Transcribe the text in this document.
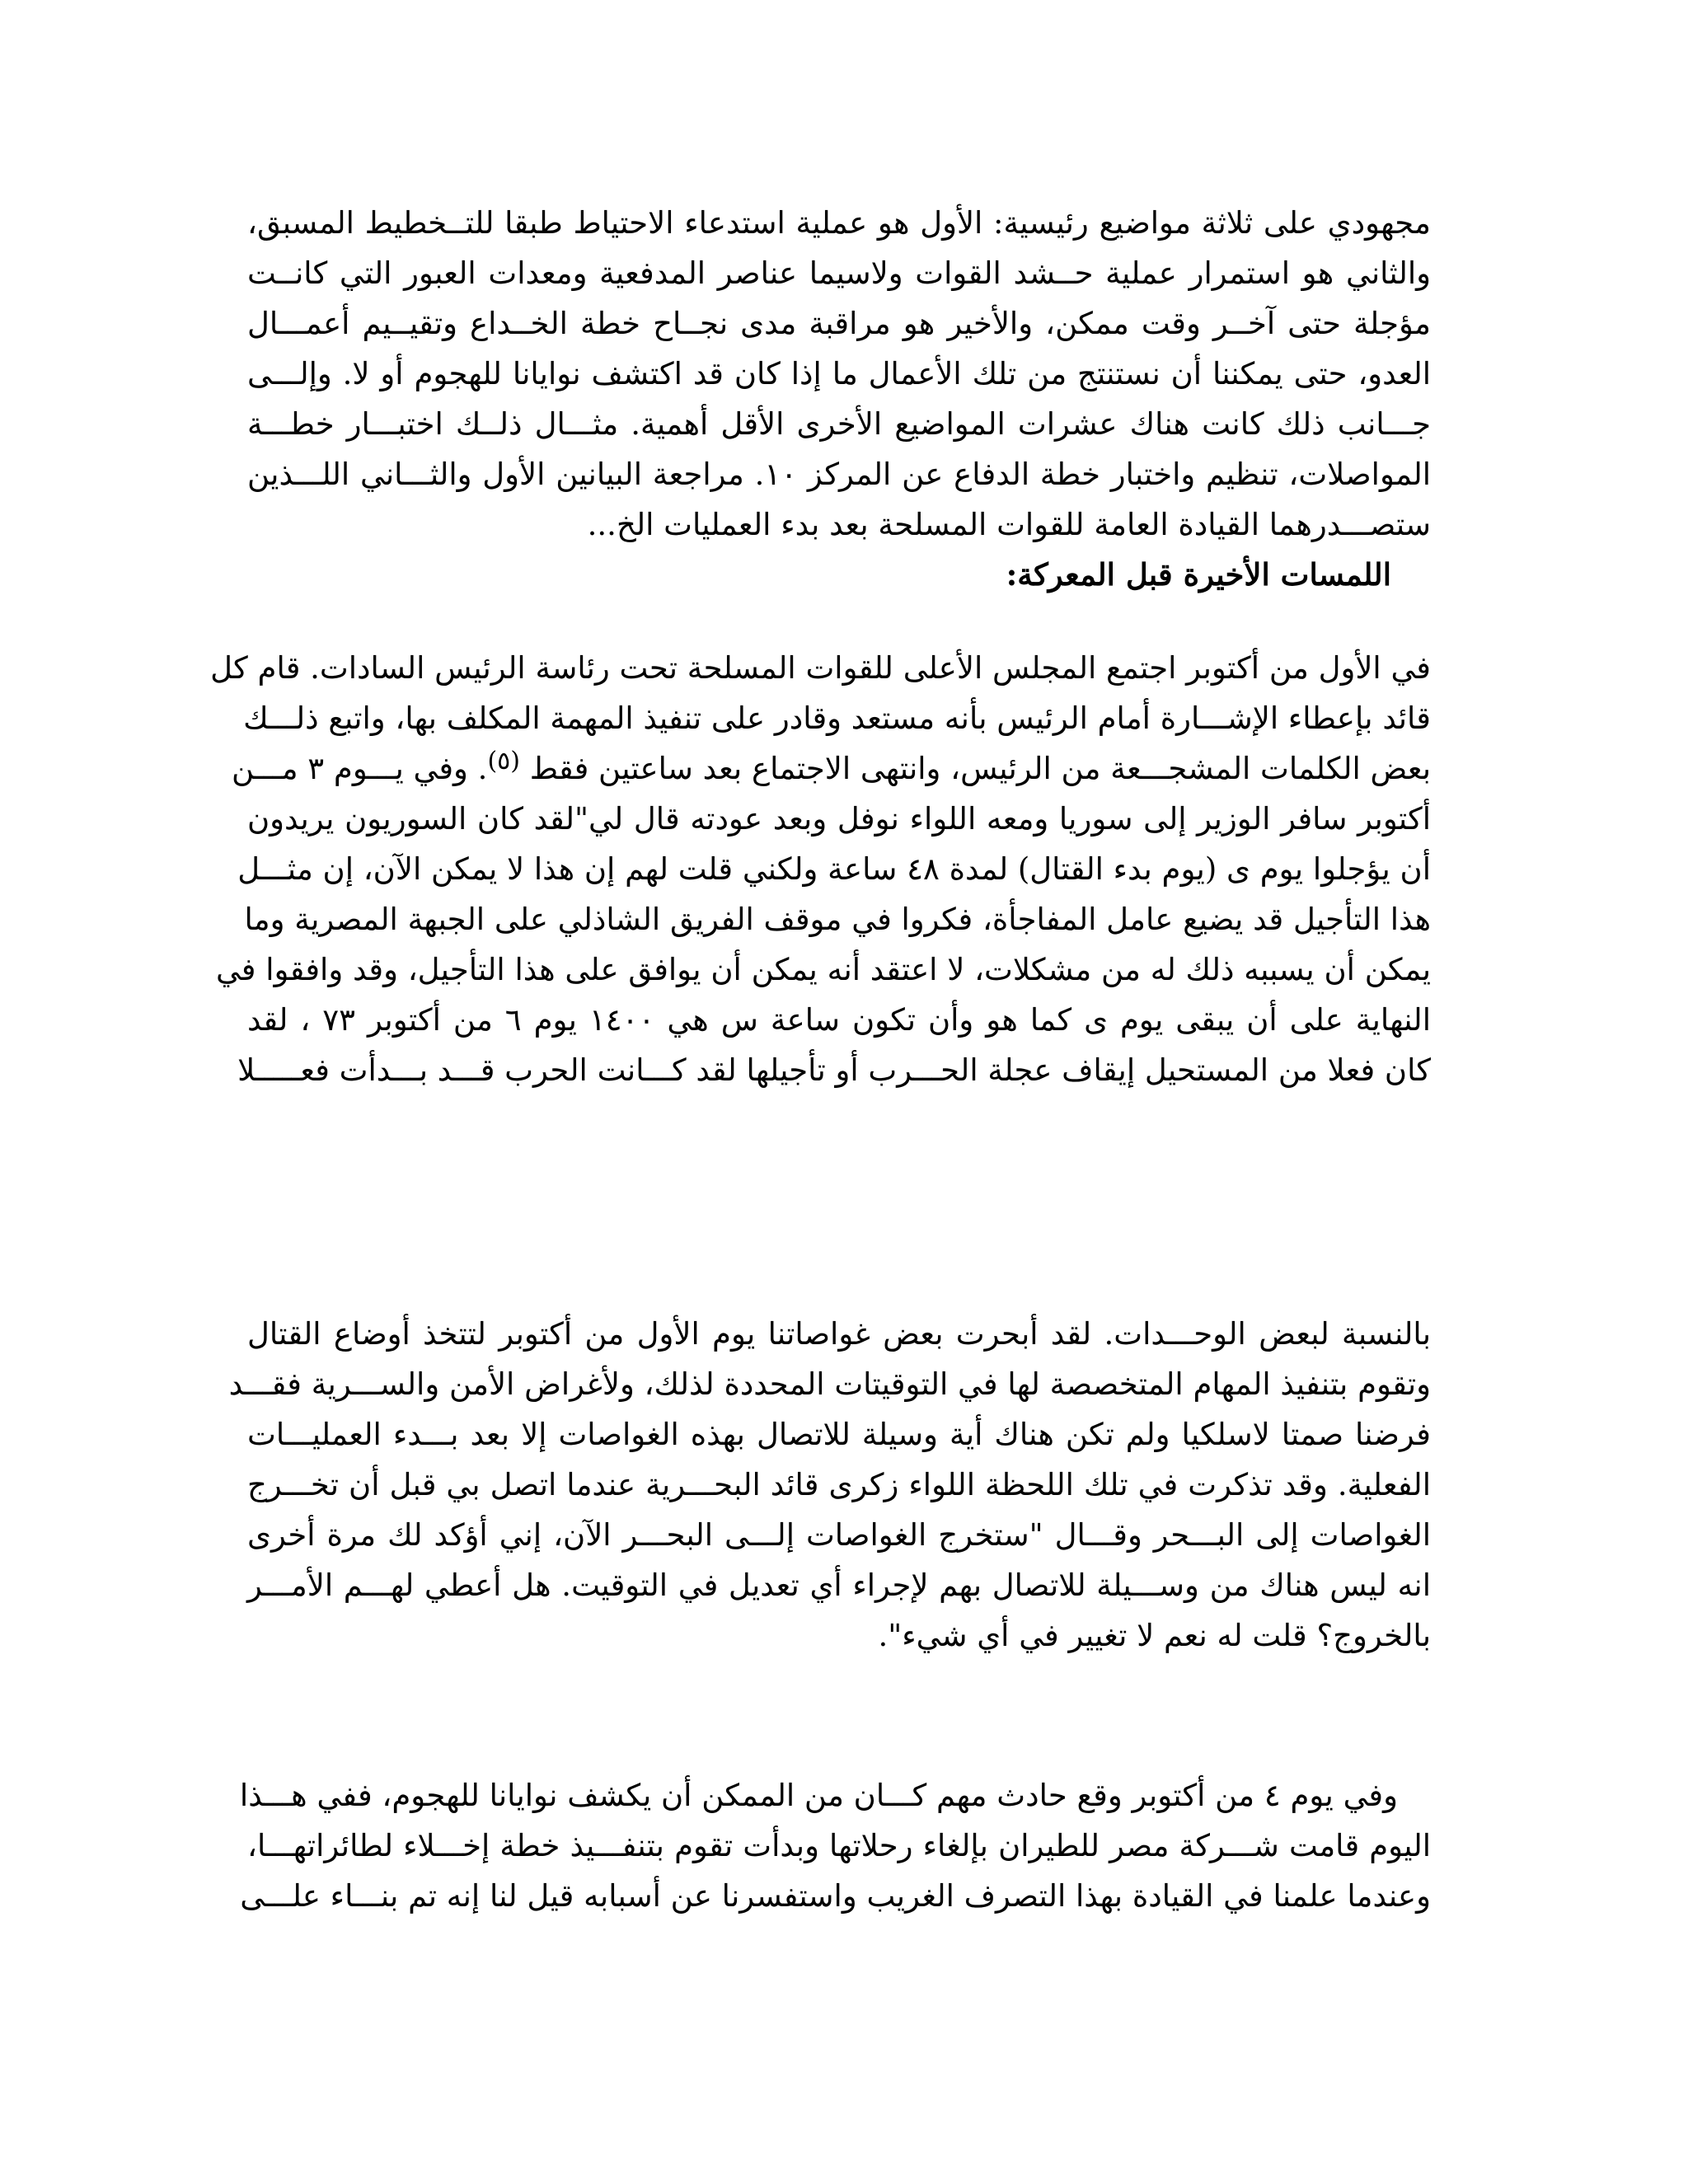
مجهودي على ثلاثة مواضيع رئيسية: الأول هو عملية استدعاء الاحتياط طبقا للتــخطيط المسبق،
والثاني هو استمرار عملية حــشد القوات ولاسيما عناصر المدفعية ومعدات العبور التي كانــت
مؤجلة حتى آخــر وقت ممكن، والأخير هو مراقبة مدى نجــاح خطة الخــداع وتقيــيم أعمـــال
العدو، حتى يمكننا أن نستنتج من تلك الأعمال ما إذا كان قد اكتشف نوايانا للهجوم أو لا. وإلـــى
جـــانب ذلك كانت هناك عشرات المواضيع الأخرى الأقل أهمية. مثـــال ذلــك اختبـــار خطـــة
المواصلات، تنظيم واختبار خطة الدفاع عن المركز ١٠. مراجعة البيانين الأول والثـــاني اللـــذين
ستصـــدرهما القيادة العامة للقوات المسلحة بعد بدء العمليات الخ...
اللمسات الأخيرة قبل المعركة:
في الأول من أكتوبر اجتمع المجلس الأعلى للقوات المسلحة تحت رئاسة الرئيس السادات. قام كل
قائد بإعطاء الإشـــارة أمام الرئيس بأنه مستعد وقادر على تنفيذ المهمة المكلف بها، واتبع ذلـــك
بعض الكلمات المشجـــعة من الرئيس، وانتهى الاجتماع بعد ساعتين فقط (٥). وفي يـــوم ٣ مـــن
أكتوبر سافر الوزير إلى سوريا ومعه اللواء نوفل وبعد عودته قال لي"لقد كان السوريون يريدون
أن يؤجلوا يوم ى (يوم بدء القتال) لمدة ٤٨ ساعة ولكني قلت لهم إن هذا لا يمكن الآن، إن مثـــل
هذا التأجيل قد يضيع عامل المفاجأة، فكروا في موقف الفريق الشاذلي على الجبهة المصرية وما
يمكن أن يسببه ذلك له من مشكلات، لا اعتقد أنه يمكن أن يوافق على هذا التأجيل، وقد وافقوا في
النهاية على أن يبقى يوم ى كما هو وأن تكون ساعة س هي ١٤٠٠ يوم ٦ من أكتوبر ٧٣ ، لقد
كان فعلا من المستحيل إيقاف عجلة الحـــرب أو تأجيلها لقد كـــانت الحرب قـــد بـــدأت فعـــــلا
بالنسبة لبعض الوحـــدات. لقد أبحرت بعض غواصاتنا يوم الأول من أكتوبر لتتخذ أوضاع القتال
وتقوم بتنفيذ المهام المتخصصة لها في التوقيتات المحددة لذلك، ولأغراض الأمن والســـرية فقـــد
فرضنا صمتا لاسلكيا ولم تكن هناك أية وسيلة للاتصال بهذه الغواصات إلا بعد بـــدء العمليـــات
الفعلية. وقد تذكرت في تلك اللحظة اللواء زكرى قائد البحـــرية عندما اتصل بي قبل أن تخـــرج
الغواصات إلى البـــحر وقـــال "ستخرج الغواصات إلـــى البحـــر الآن، إني أؤكد لك مرة أخرى
انه ليس هناك من وســـيلة للاتصال بهم لإجراء أي تعديل في التوقيت. هل أعطي لهـــم الأمـــر
بالخروج؟ قلت له نعم لا تغيير في أي شيء".
وفي يوم ٤ من أكتوبر وقع حادث مهم كـــان من الممكن أن يكشف نوايانا للهجوم، ففي هـــذا
اليوم قامت شـــركة مصر للطيران بإلغاء رحلاتها وبدأت تقوم بتنفـــيذ خطة إخـــلاء لطائراتهـــا،
وعندما علمنا في القيادة بهذا التصرف الغريب واستفسرنا عن أسبابه قيل لنا إنه تم بنـــاء علـــى
